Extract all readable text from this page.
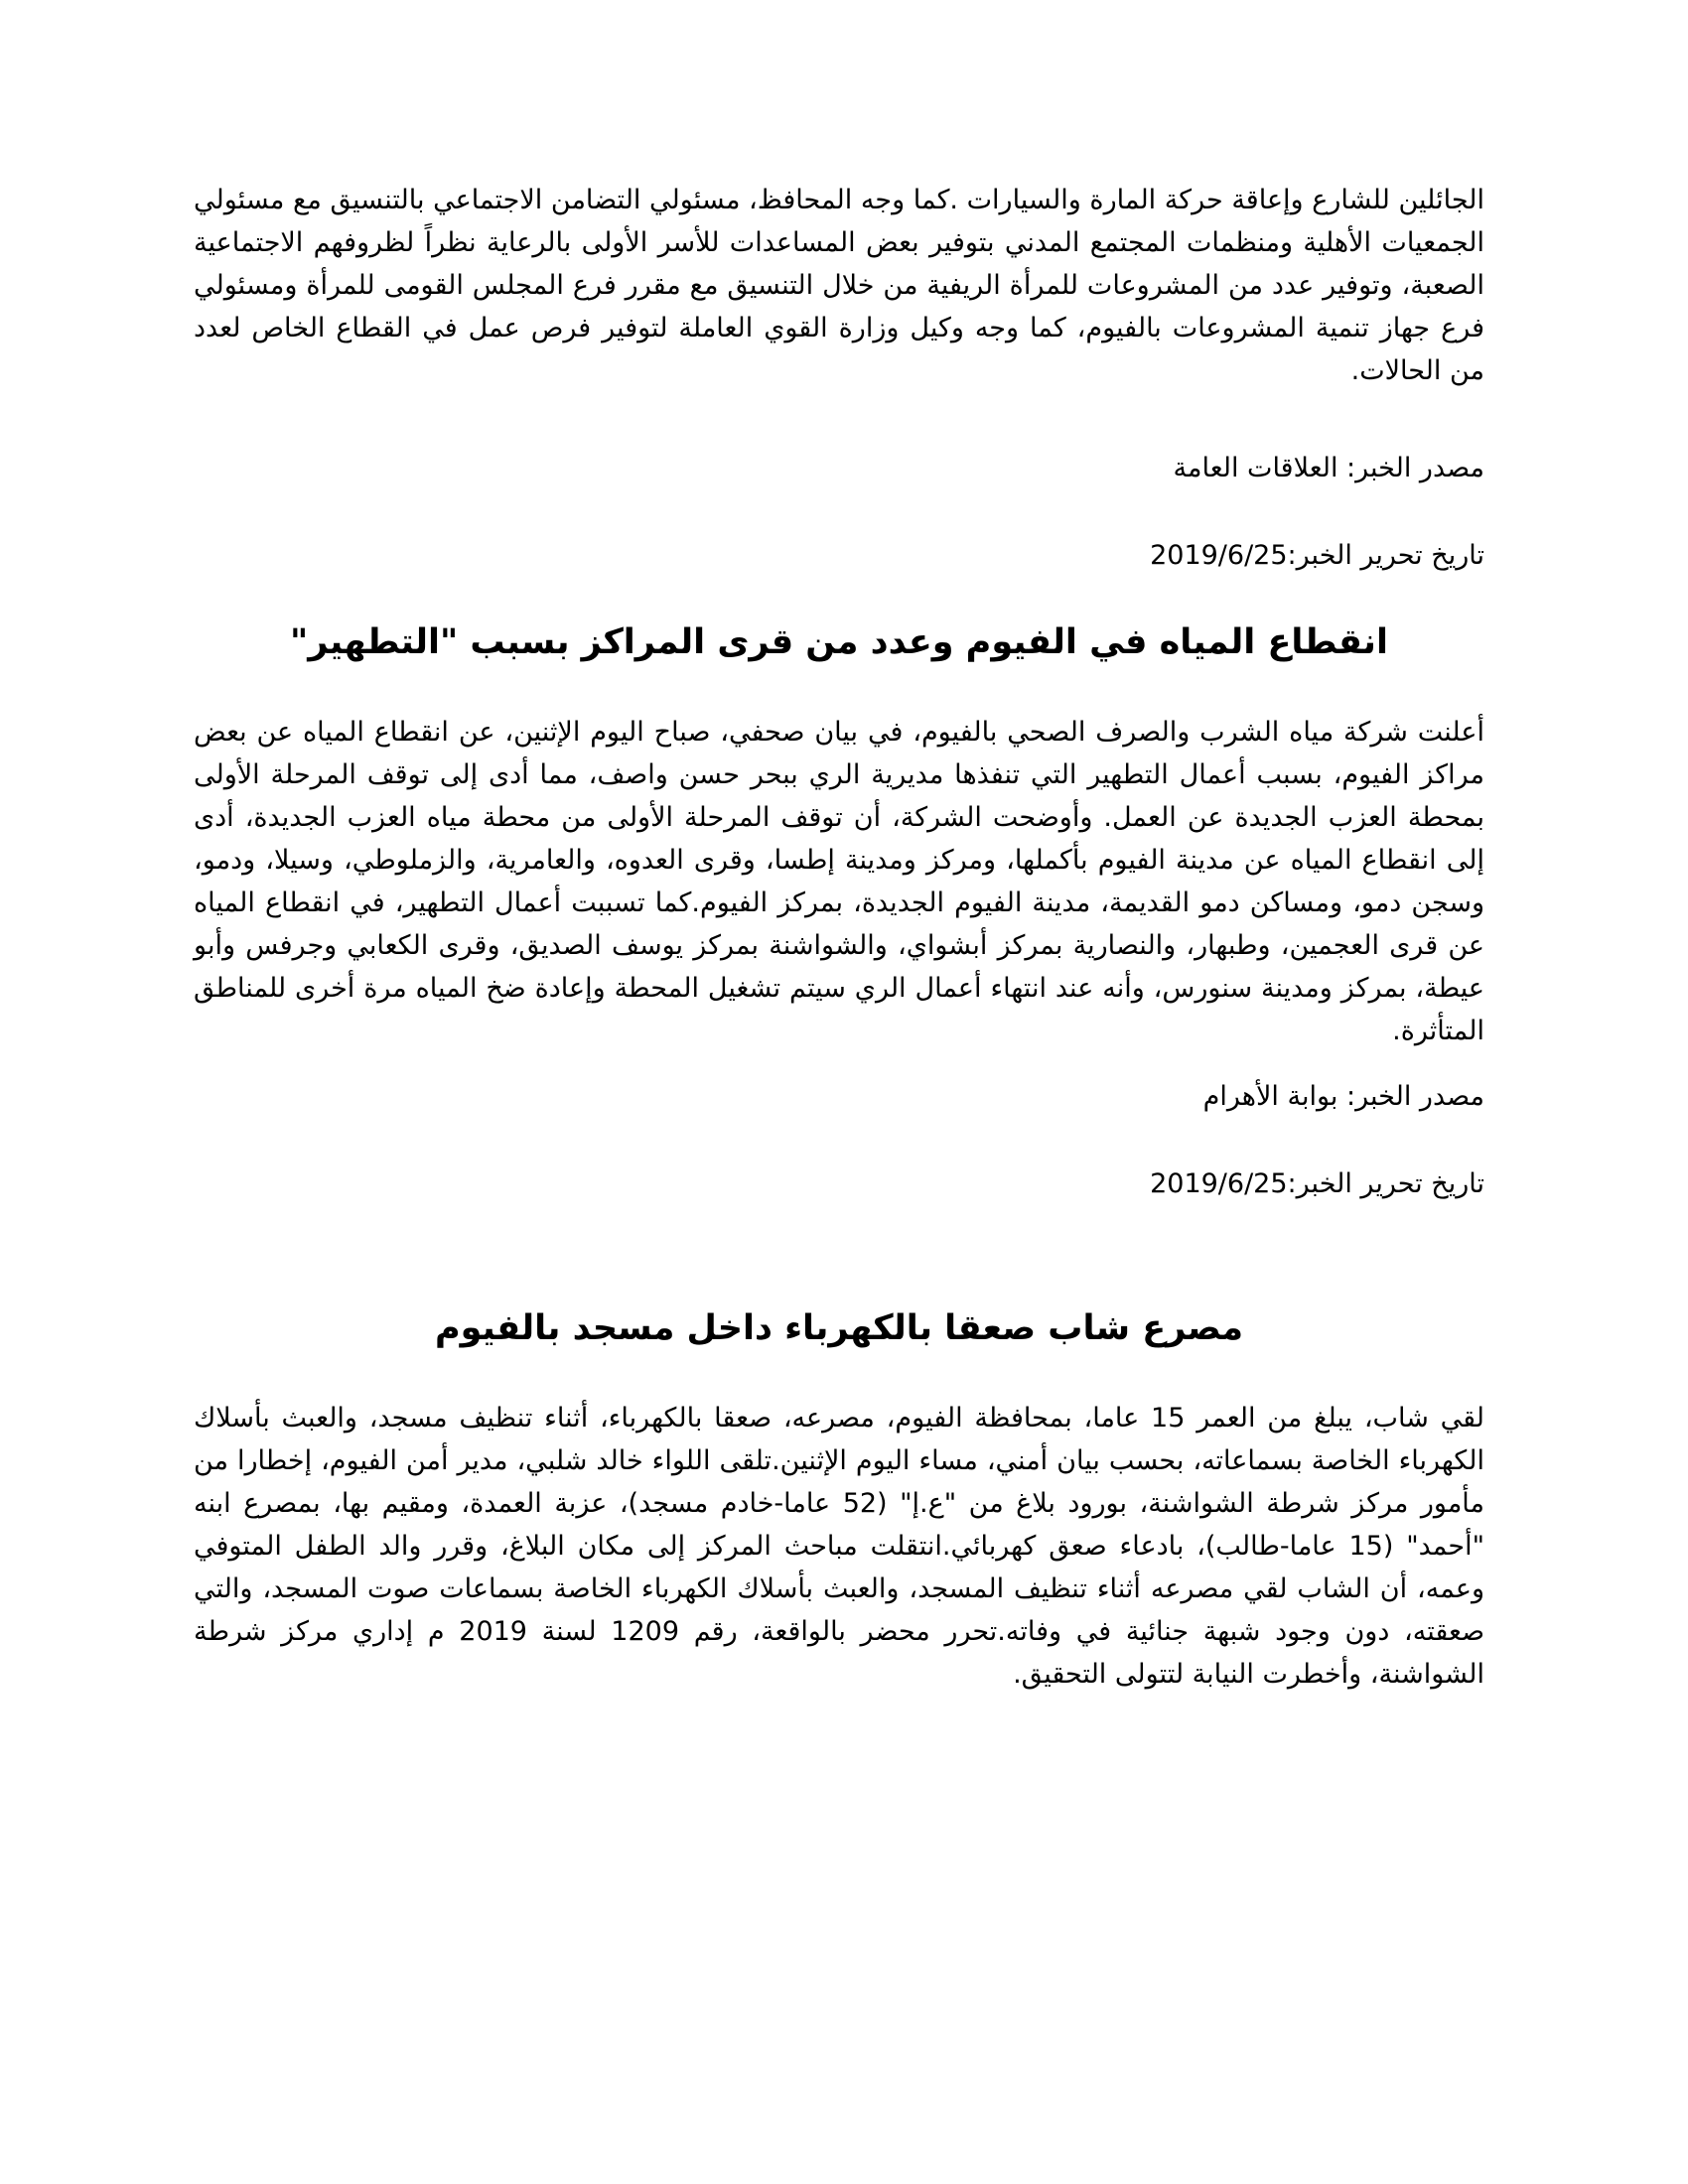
الجائلين للشارع وإعاقة حركة المارة والسيارات .كما وجه المحافظ، مسئولي التضامن الاجتماعي بالتنسيق مع مسئولي الجمعيات الأهلية ومنظمات المجتمع المدني بتوفير بعض المساعدات للأسر الأولى بالرعاية نظراً لظروفهم الاجتماعية الصعبة، وتوفير عدد من المشروعات للمرأة الريفية من خلال التنسيق مع مقرر فرع المجلس القومى للمرأة ومسئولي فرع جهاز تنمية المشروعات بالفيوم، كما وجه وكيل وزارة القوي العاملة لتوفير فرص عمل في القطاع الخاص لعدد من الحالات.

مصدر الخبر: العلاقات العامة

تاريخ تحرير الخبر:2019/6/25

انقطاع المياه في الفيوم وعدد من قرى المراكز بسبب "التطهير"

أعلنت شركة مياه الشرب والصرف الصحي بالفيوم، في بيان صحفي، صباح اليوم الإثنين، عن انقطاع المياه عن بعض مراكز الفيوم، بسبب أعمال التطهير التي تنفذها مديرية الري ببحر حسن واصف، مما أدى إلى توقف المرحلة الأولى بمحطة العزب الجديدة عن العمل. وأوضحت الشركة، أن توقف المرحلة الأولى من محطة مياه العزب الجديدة، أدى إلى انقطاع المياه عن مدينة الفيوم بأكملها، ومركز ومدينة إطسا، وقرى العدوه، والعامرية، والزملوطي، وسيلا، ودمو، وسجن دمو، ومساكن دمو القديمة، مدينة الفيوم الجديدة، بمركز الفيوم.كما تسببت أعمال التطهير، في انقطاع المياه عن قرى العجمين، وطبهار، والنصارية بمركز أبشواي، والشواشنة بمركز يوسف الصديق، وقرى الكعابي وجرفس وأبو عيطة، بمركز ومدينة سنورس، وأنه عند انتهاء أعمال الري سيتم تشغيل المحطة وإعادة ضخ المياه مرة أخرى للمناطق المتأثرة.

مصدر الخبر: بوابة الأهرام

تاريخ تحرير الخبر:2019/6/25

مصرع شاب صعقا بالكهرباء داخل مسجد بالفيوم

لقي شاب، يبلغ من العمر 15 عاما، بمحافظة الفيوم، مصرعه، صعقا بالكهرباء، أثناء تنظيف مسجد، والعبث بأسلاك الكهرباء الخاصة بسماعاته، بحسب بيان أمني، مساء اليوم الإثنين.تلقى اللواء خالد شلبي، مدير أمن الفيوم، إخطارا من مأمور مركز شرطة الشواشنة، بورود بلاغ من "ع.إ" (52 عاما-خادم مسجد)، عزبة العمدة، ومقيم بها، بمصرع ابنه "أحمد" (15 عاما-طالب)، بادعاء صعق كهربائي.انتقلت مباحث المركز إلى مكان البلاغ، وقرر والد الطفل المتوفي وعمه، أن الشاب لقي مصرعه أثناء تنظيف المسجد، والعبث بأسلاك الكهرباء الخاصة بسماعات صوت المسجد، والتي صعقته، دون وجود شبهة جنائية في وفاته.تحرر محضر بالواقعة، رقم 1209 لسنة 2019 م إداري مركز شرطة الشواشنة، وأخطرت النيابة لتتولى التحقيق.
